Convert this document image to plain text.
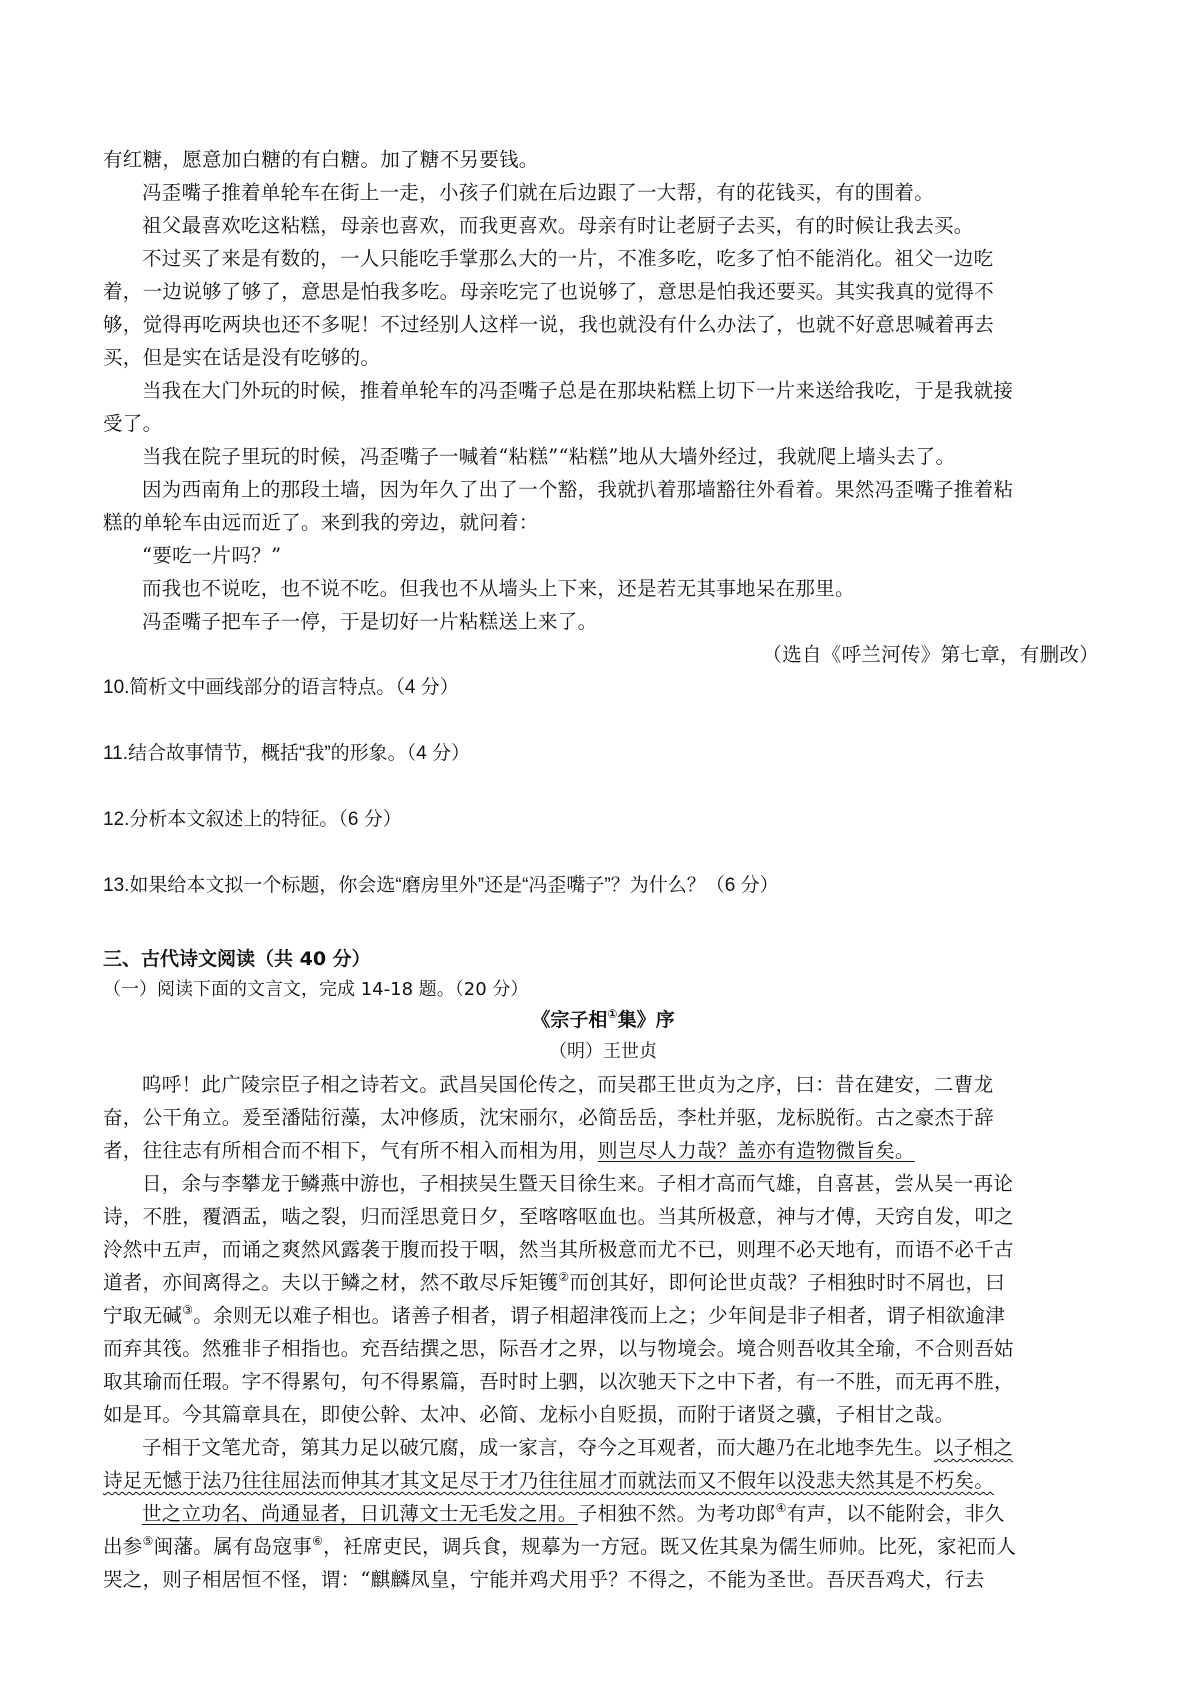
有红糖，愿意加白糖的有白糖。加了糖不另要钱。
冯歪嘴子推着单轮车在街上一走，小孩子们就在后边跟了一大帮，有的花钱买，有的围着。
祖父最喜欢吃这粘糕，母亲也喜欢，而我更喜欢。母亲有时让老厨子去买，有的时候让我去买。
不过买了来是有数的，一人只能吃手掌那么大的一片，不准多吃，吃多了怕不能消化。祖父一边吃
着，一边说够了够了，意思是怕我多吃。母亲吃完了也说够了，意思是怕我还要买。其实我真的觉得不
够，觉得再吃两块也还不多呢！不过经别人这样一说，我也就没有什么办法了，也就不好意思喊着再去
买，但是实在话是没有吃够的。
当我在大门外玩的时候，推着单轮车的冯歪嘴子总是在那块粘糕上切下一片来送给我吃，于是我就接
受了。
当我在院子里玩的时候，冯歪嘴子一喊着“粘糕”“粘糕”地从大墙外经过，我就爬上墙头去了。
因为西南角上的那段土墙，因为年久了出了一个豁，我就扒着那墙豁往外看着。果然冯歪嘴子推着粘
糕的单轮车由远而近了。来到我的旁边，就问着：
“要吃一片吗？”
而我也不说吃，也不说不吃。但我也不从墙头上下来，还是若无其事地呆在那里。
冯歪嘴子把车子一停，于是切好一片粘糕送上来了。
（选自《呼兰河传》第七章，有删改）
10.简析文中画线部分的语言特点。（4 分）
11.结合故事情节，概括“我”的形象。（4 分）
12.分析本文叙述上的特征。（6 分）
13.如果给本文拟一个标题，你会选“磨房里外”还是“冯歪嘴子”？为什么？（6 分）
三、古代诗文阅读（共 40 分）
（一）阅读下面的文言文，完成 14-18 题。（20 分）
《宗子相①集》序
（明）王世贞
呜呼！此广陵宗臣子相之诗若文。武昌吴国伦传之，而吴郡王世贞为之序，曰：昔在建安，二曹龙
奋，公干角立。爰至潘陆衍藻，太冲修质，沈宋丽尔，必简岳岳，李杜并驱，龙标脱衔。古之豪杰于辞
者，往往志有所相合而不相下，气有所不相入而相为用，则岂尽人力哉？盖亦有造物微旨矣。
日，余与李攀龙于鳞燕中游也，子相挟吴生暨天目徐生来。子相才高而气雄，自喜甚，尝从吴一再论
诗，不胜，覆酒盂，啮之裂，归而淫思竟日夕，至喀喀呕血也。当其所极意，神与才傅，天窍自发，叩之
泠然中五声，而诵之爽然风露袭于腹而投于咽，然当其所极意而尤不已，则理不必天地有，而语不必千古
道者，亦间离得之。夫以于鳞之材，然不敢尽斥矩镬②而创其好，即何论世贞哉？子相独时时不屑也，曰
宁取无碱③。余则无以难子相也。诸善子相者，谓子相超津筏而上之；少年间是非子相者，谓子相欲逾津
而弃其筏。然雅非子相指也。充吾结撰之思，际吾才之界，以与物境会。境合则吾收其全瑜，不合则吾姑
取其瑜而任瑕。字不得累句，句不得累篇，吾时时上驷，以次驰天下之中下者，有一不胜，而无再不胜，
如是耳。今其篇章具在，即使公幹、太冲、必简、龙标小自贬损，而附于诸贤之骥，子相甘之哉。
子相于文笔尤奇，第其力足以破冗腐，成一家言，夺今之耳观者，而大趣乃在北地李先生。以子相之
诗足无憾于法乃往往屈法而伸其才其文足尽于才乃往往屈才而就法而又不假年以没悲夫然其是不朽矣。
世之立功名、尚通显者，日讥薄文士无毛发之用。子相独不然。为考功郎④有声，以不能附会，非久
出参⑤闽藩。属有岛寇事⑥，衽席吏民，调兵食，规摹为一方冠。既又佐其臬为儒生师帅。比死，家祀而人
哭之，则子相居恒不怪，谓：“麒麟凤皇，宁能并鸡犬用乎？不得之，不能为圣世。吾厌吾鸡犬，行去
